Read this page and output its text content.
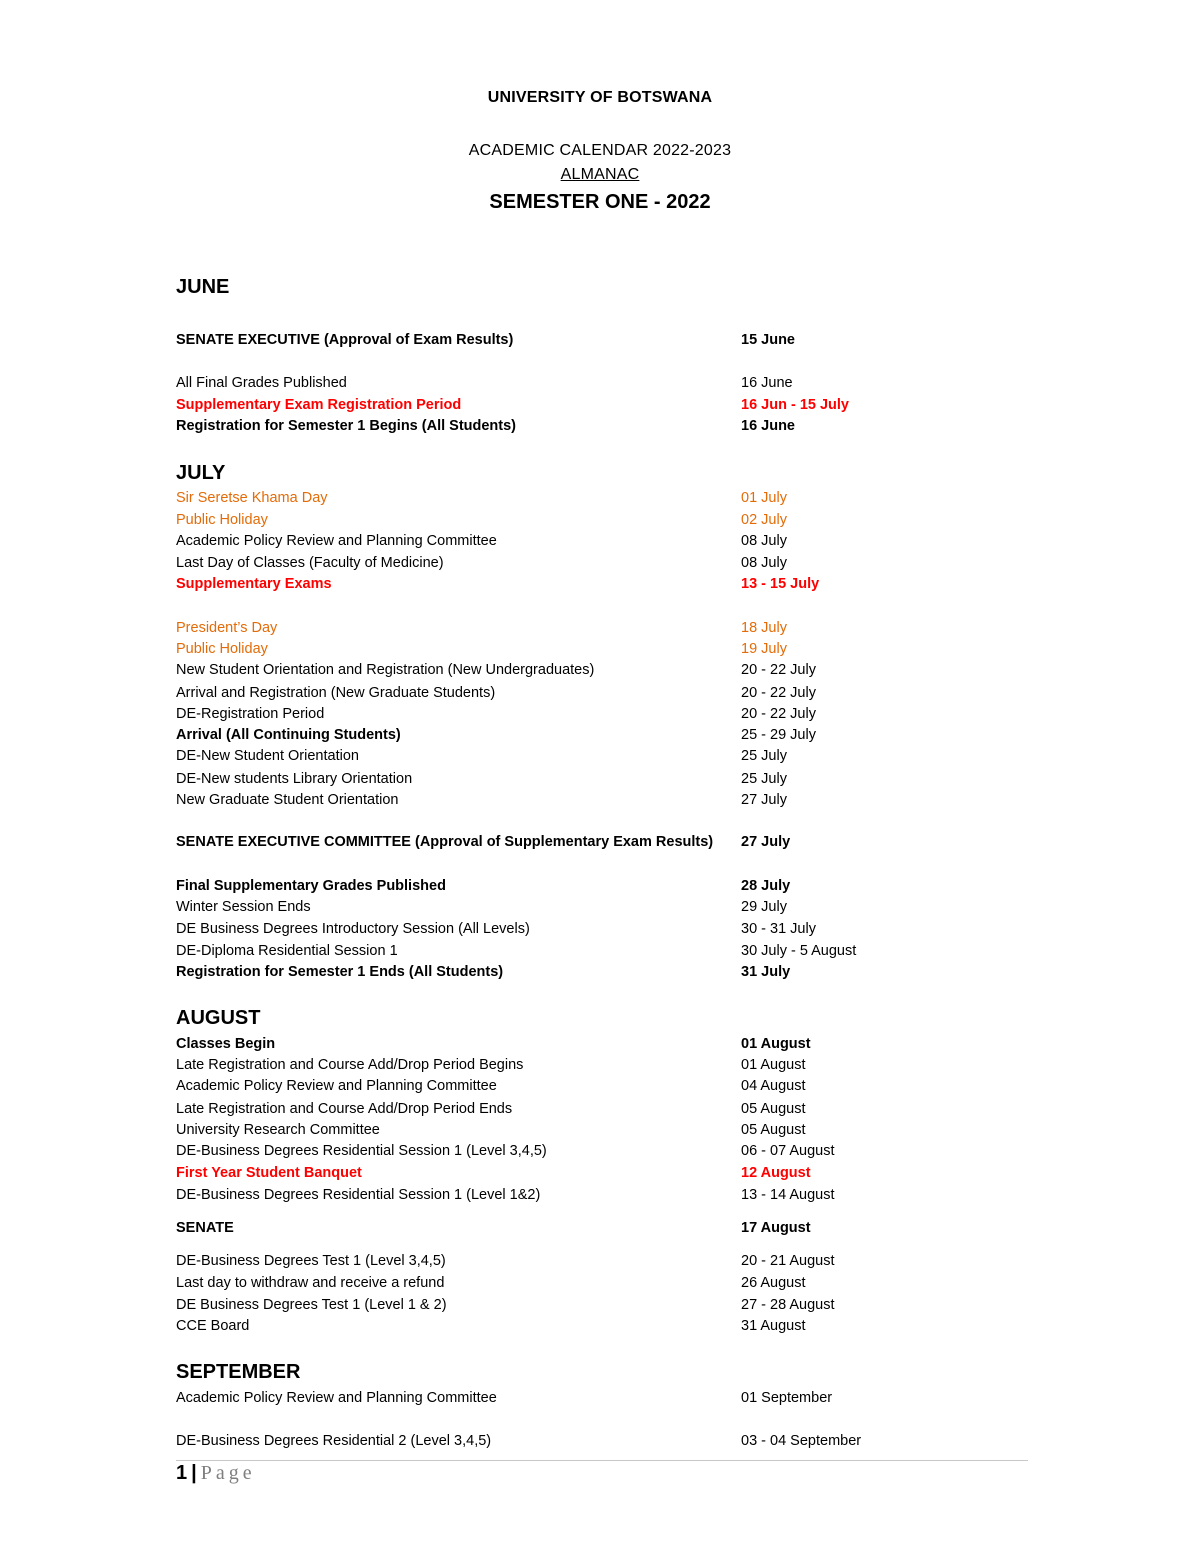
UNIVERSITY OF BOTSWANA
ACADEMIC CALENDAR 2022-2023
ALMANAC
SEMESTER ONE - 2022
JUNE
JULY
AUGUST
SEPTEMBER
SENATE EXECUTIVE (Approval of Exam Results)	15 June
All Final Grades Published	16 June
Supplementary Exam Registration Period	16 Jun - 15 July
Registration for Semester 1 Begins (All Students)	16 June
Sir Seretse Khama Day	01 July
Public Holiday	02 July
Academic Policy Review and Planning Committee	08 July
Last Day of Classes (Faculty of Medicine)	08 July
Supplementary Exams	13 - 15 July
President’s Day	18 July
Public Holiday	19 July
New Student Orientation and Registration (New Undergraduates)	20 - 22 July
Arrival and Registration (New Graduate Students)	20 - 22 July
DE-Registration Period	20 - 22 July
Arrival (All Continuing Students)	25 - 29 July
DE-New Student Orientation	25 July
DE-New students Library Orientation	25 July
New Graduate Student Orientation	27 July
SENATE EXECUTIVE COMMITTEE (Approval of Supplementary Exam Results) 27 July
Final Supplementary Grades Published	28 July
Winter Session Ends	29 July
DE Business Degrees Introductory Session (All Levels)	30 - 31 July
DE-Diploma Residential Session 1	30 July - 5 August
Registration for Semester 1 Ends (All Students)	31 July
Classes Begin	01 August
Late Registration and Course Add/Drop Period Begins	01 August
Academic Policy Review and Planning Committee	04 August
Late Registration and Course Add/Drop Period Ends	05 August
University Research Committee	05 August
DE-Business Degrees Residential Session 1 (Level 3,4,5)	06 - 07 August
First Year Student Banquet	12 August
DE-Business Degrees Residential Session 1 (Level 1&2)	13 - 14 August
SENATE	17 August
DE-Business Degrees Test 1 (Level 3,4,5)	20 - 21 August
Last day to withdraw and receive a refund	26 August
DE Business Degrees Test 1 (Level 1 & 2)	27 - 28 August
CCE Board	31 August
Academic Policy Review and Planning Committee	01 September
DE-Business Degrees Residential 2 (Level 3,4,5)	03 - 04 September
1 | Page
